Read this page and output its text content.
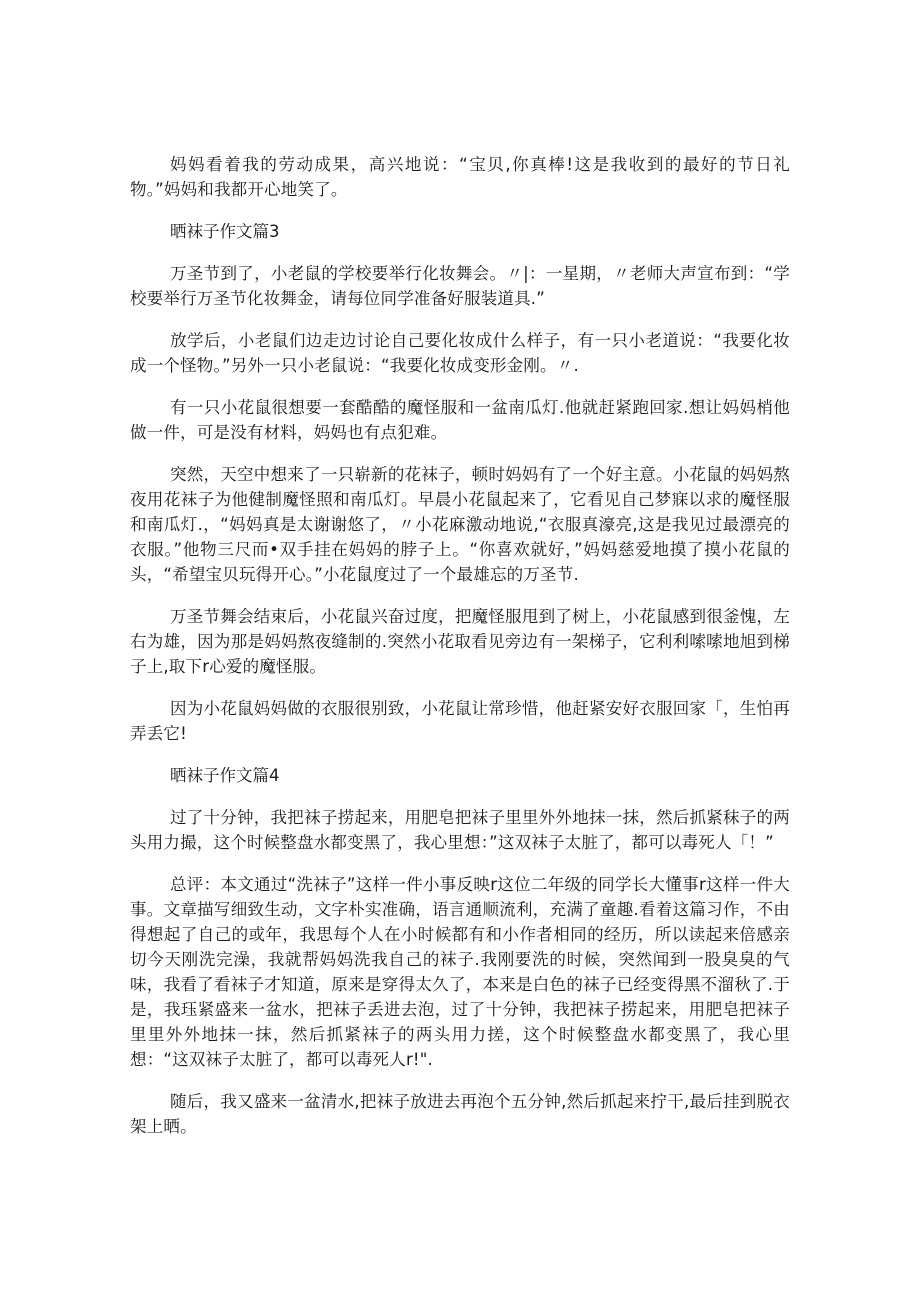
妈妈看着我的劳动成果，高兴地说：“宝贝,你真棒!这是我收到的最好的节日礼物。”妈妈和我都开心地笑了。

晒袜子作文篇3

万圣节到了，小老鼠的学校要举行化妆舞会。〃|：一星期，〃老师大声宣布到：“学校要举行万圣节化妆舞金，请每位同学准备好服装道具.”

放学后，小老鼠们边走边讨论自己要化妆成什么样子，有一只小老道说：“我要化妆成一个怪物。”另外一只小老鼠说：“我要化妆成变形金刚。〃.

有一只小花鼠很想要一套酷酷的魔怪服和一盆南瓜灯.他就赶紧跑回家.想让妈妈梢他做一件，可是没有材料，妈妈也有点犯难。

突然，天空中想来了一只崭新的花袜子，顿时妈妈有了一个好主意。小花鼠的妈妈熬夜用花袜子为他健制魔怪照和南瓜灯。早晨小花鼠起来了，它看见自己梦寐以求的魔怪服和南瓜灯.，“妈妈真是太谢谢悠了，〃小花麻激动地说,“衣服真濠亮,这是我见过最漂亮的衣服。”他物三尺而•双手挂在妈妈的脖子上。“你喜欢就好，”妈妈慈爱地摸了摸小花鼠的头，“希望宝贝玩得开心。”小花鼠度过了一个最雄忘的万圣节.

万圣节舞会结束后，小花鼠兴奋过度，把魔怪服甩到了树上，小花鼠感到很釜愧，左右为雄，因为那是妈妈熬夜缝制的.突然小花取看见旁边有一架梯子，它利利嗦嗦地旭到梯子上,取下r心爱的魔怪服。

因为小花鼠妈妈做的衣服很别致，小花鼠让常珍惜，他赶紧安好衣服回家「，生怕再弄丢它!

晒袜子作文篇4

过了十分钟，我把袜子捞起来，用肥皂把袜子里里外外地抹一抹，然后抓紧秣子的两头用力撮，这个时候整盘水都变黑了，我心里想：”这双袜子太脏了，都可以毒死人「！”

总评：本文通过“洗袜子”这样一件小事反映r这位二年级的同学长大懂事r这样一件大事。文章描写细致生动，文字朴实准确，语言通顺流利，充满了童趣.看着这篇习作，不由得想起了自己的或年，我思每个人在小时候都有和小作者相同的经历，所以读起来倍感亲切今天刚洗完澡，我就帮妈妈洗我自己的袜子.我刚要洗的时候，突然闻到一股臭臭的气味，我看了看袜子才知道，原来是穿得太久了，本来是白色的袜子已经变得黑不溜秋了.于是，我珏紧盛来一盆水，把袜子丢进去泡，过了十分钟，我把袜子捞起来，用肥皂把袜子里里外外地抹一抹，然后抓紧袜子的两头用力搓，这个时候整盘水都变黑了，我心里想：“这双袜子太脏了，都可以毒死人r!".

随后，我又盛来一盆清水,把袜子放进去再泡个五分钟,然后抓起来拧干,最后挂到脱衣架上晒。
